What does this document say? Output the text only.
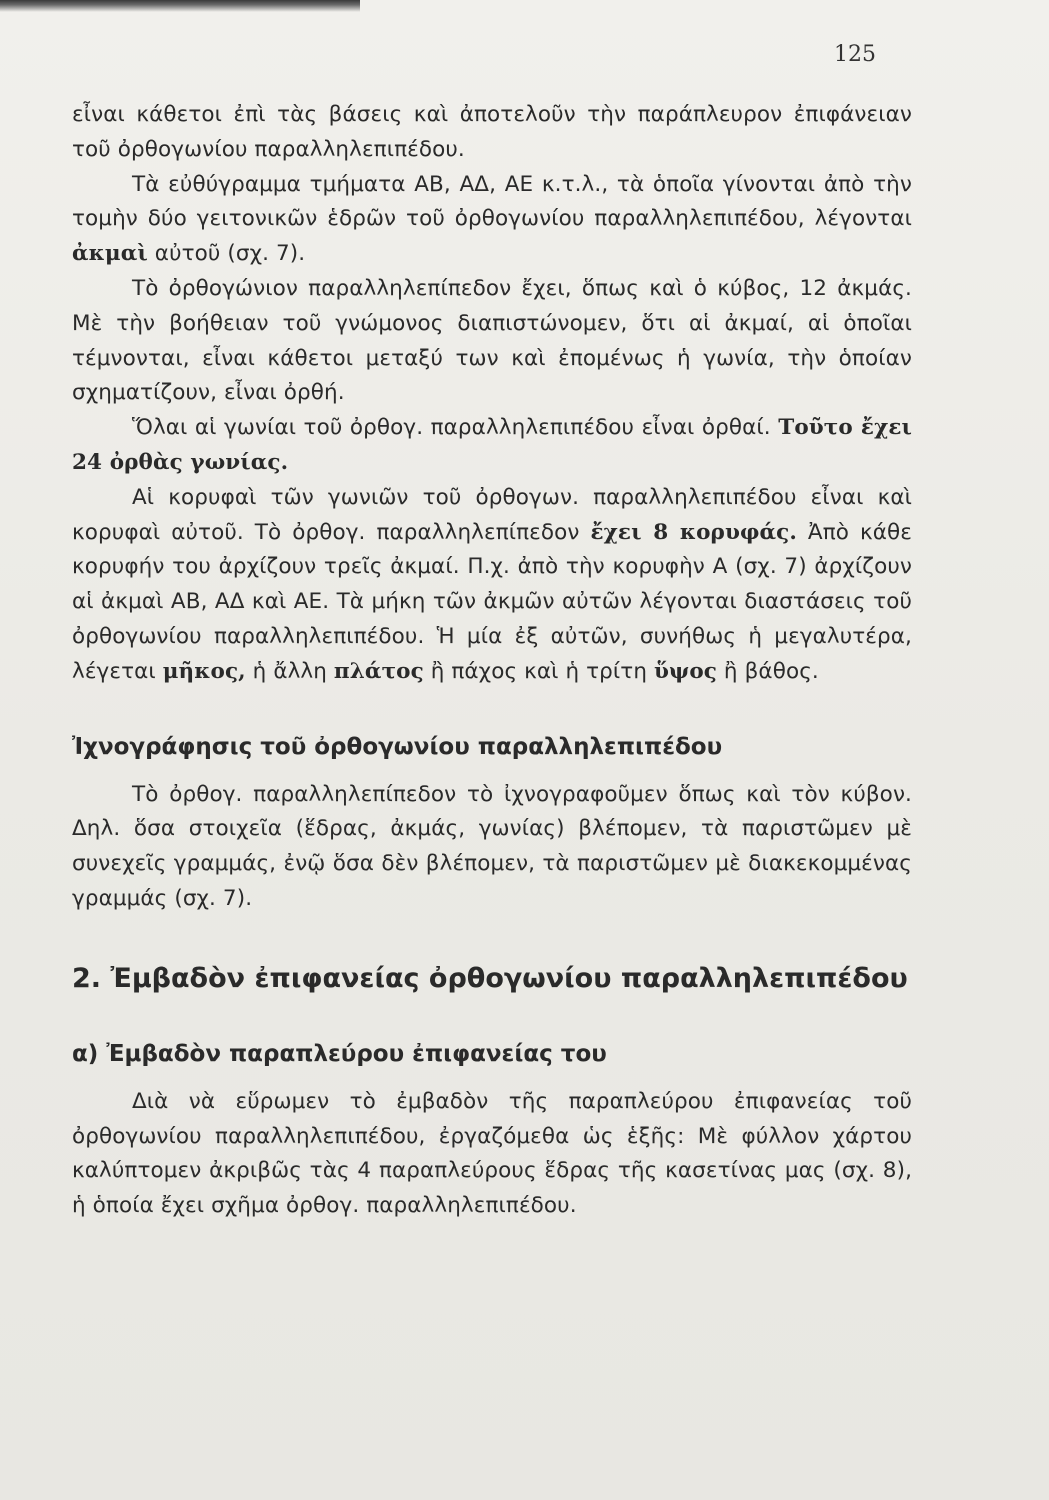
125

εἶναι κάθετοι ἐπὶ τὰς βάσεις καὶ ἀποτελοῦν τὴν παράπλευρον ἐπιφάνειαν τοῦ ὀρθογωνίου παραλληλεπιπέδου.

Τὰ εὐθύγραμμα τμήματα ΑΒ, ΑΔ, ΑΕ κ.τ.λ., τὰ ὁποῖα γίνονται ἀπὸ τὴν τομὴν δύο γειτονικῶν ἑδρῶν τοῦ ὀρθογωνίου παραλληλεπιπέδου, λέγονται ἀκμαὶ αὐτοῦ (σχ. 7).

Τὸ ὀρθογώνιον παραλληλεπίπεδον ἔχει, ὅπως καὶ ὁ κύβος, 12 ἀκμάς. Μὲ τὴν βοήθειαν τοῦ γνώμονος διαπιστώνομεν, ὅτι αἱ ἀκμαί, αἱ ὁποῖαι τέμνονται, εἶναι κάθετοι μεταξύ των καὶ ἐπομένως ἡ γωνία, τὴν ὁποίαν σχηματίζουν, εἶναι ὀρθή.

Ὅλαι αἱ γωνίαι τοῦ ὀρθογ. παραλληλεπιπέδου εἶναι ὀρθαί. Τοῦτο ἔχει 24 ὀρθὰς γωνίας.

Αἱ κορυφαὶ τῶν γωνιῶν τοῦ ὀρθογων. παραλληλεπιπέδου εἶναι καὶ κορυφαὶ αὐτοῦ. Τὸ ὀρθογ. παραλληλεπίπεδον ἔχει 8 κορυφάς. Ἀπὸ κάθε κορυφήν του ἀρχίζουν τρεῖς ἀκμαί. Π.χ. ἀπὸ τὴν κορυφὴν Α (σχ. 7) ἀρχίζουν αἱ ἀκμαὶ ΑΒ, ΑΔ καὶ ΑΕ. Τὰ μήκη τῶν ἀκμῶν αὐτῶν λέγονται διαστάσεις τοῦ ὀρθογωνίου παραλληλεπιπέδου. Ἡ μία ἐξ αὐτῶν, συνήθως ἡ μεγαλυτέρα, λέγεται μῆκος, ἡ ἄλλη πλάτος ἢ πάχος καὶ ἡ τρίτη ὕψος ἢ βάθος.

Ἰχνογράφησις τοῦ ὀρθογωνίου παραλληλεπιπέδου

Τὸ ὀρθογ. παραλληλεπίπεδον τὸ ἰχνογραφοῦμεν ὅπως καὶ τὸν κύβον. Δηλ. ὅσα στοιχεῖα (ἕδρας, ἀκμάς, γωνίας) βλέπομεν, τὰ παριστῶμεν μὲ συνεχεῖς γραμμάς, ἐνῷ ὅσα δὲν βλέπομεν, τὰ παριστῶμεν μὲ διακεκομμένας γραμμάς (σχ. 7).

2. Ἐμβαδὸν ἐπιφανείας ὀρθογωνίου παραλληλεπιπέδου
α) Ἐμβαδὸν παραπλεύρου ἐπιφανείας του

Διὰ νὰ εὕρωμεν τὸ ἐμβαδὸν τῆς παραπλεύρου ἐπιφανείας τοῦ ὀρθογωνίου παραλληλεπιπέδου, ἐργαζόμεθα ὡς ἑξῆς: Μὲ φύλλον χάρτου καλύπτομεν ἀκριβῶς τὰς 4 παραπλεύρους ἕδρας τῆς κασετίνας μας (σχ. 8), ἡ ὁποία ἔχει σχῆμα ὀρθογ. παραλληλεπιπέδου.
